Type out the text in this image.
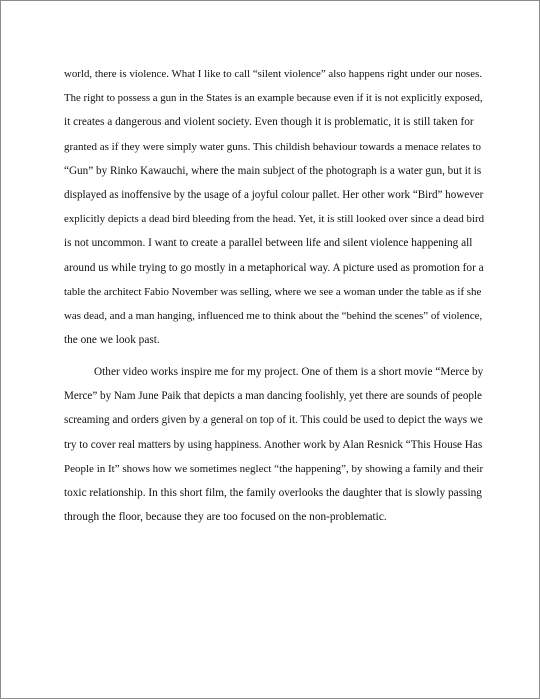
world, there is violence. What I like to call “silent violence” also happens right under our noses.
The right to possess a gun in the States is an example because even if it is not explicitly exposed,
it creates a dangerous and violent society. Even though it is problematic, it is still taken for
granted as if they were simply water guns. This childish behaviour towards a menace relates to
“Gun” by Rinko Kawauchi, where the main subject of the photograph is a water gun, but it is
displayed as inoffensive by the usage of a joyful colour pallet. Her other work “Bird” however
explicitly depicts a dead bird bleeding from the head. Yet, it is still looked over since a dead bird
is not uncommon. I want to create a parallel between life and silent violence happening all
around us while trying to go mostly in a metaphorical way. A picture used as promotion for a
table the architect Fabio November was selling, where we see a woman under the table as if she
was dead, and a man hanging, influenced me to think about the “behind the scenes” of violence,
the one we look past.
Other video works inspire me for my project. One of them is a short movie “Merce by
Merce” by Nam June Paik that depicts a man dancing foolishly, yet there are sounds of people
screaming and orders given by a general on top of it. This could be used to depict the ways we
try to cover real matters by using happiness. Another work by Alan Resnick “This House Has
People in It” shows how we sometimes neglect “the happening”, by showing a family and their
toxic relationship. In this short film, the family overlooks the daughter that is slowly passing
through the floor, because they are too focused on the non-problematic.
